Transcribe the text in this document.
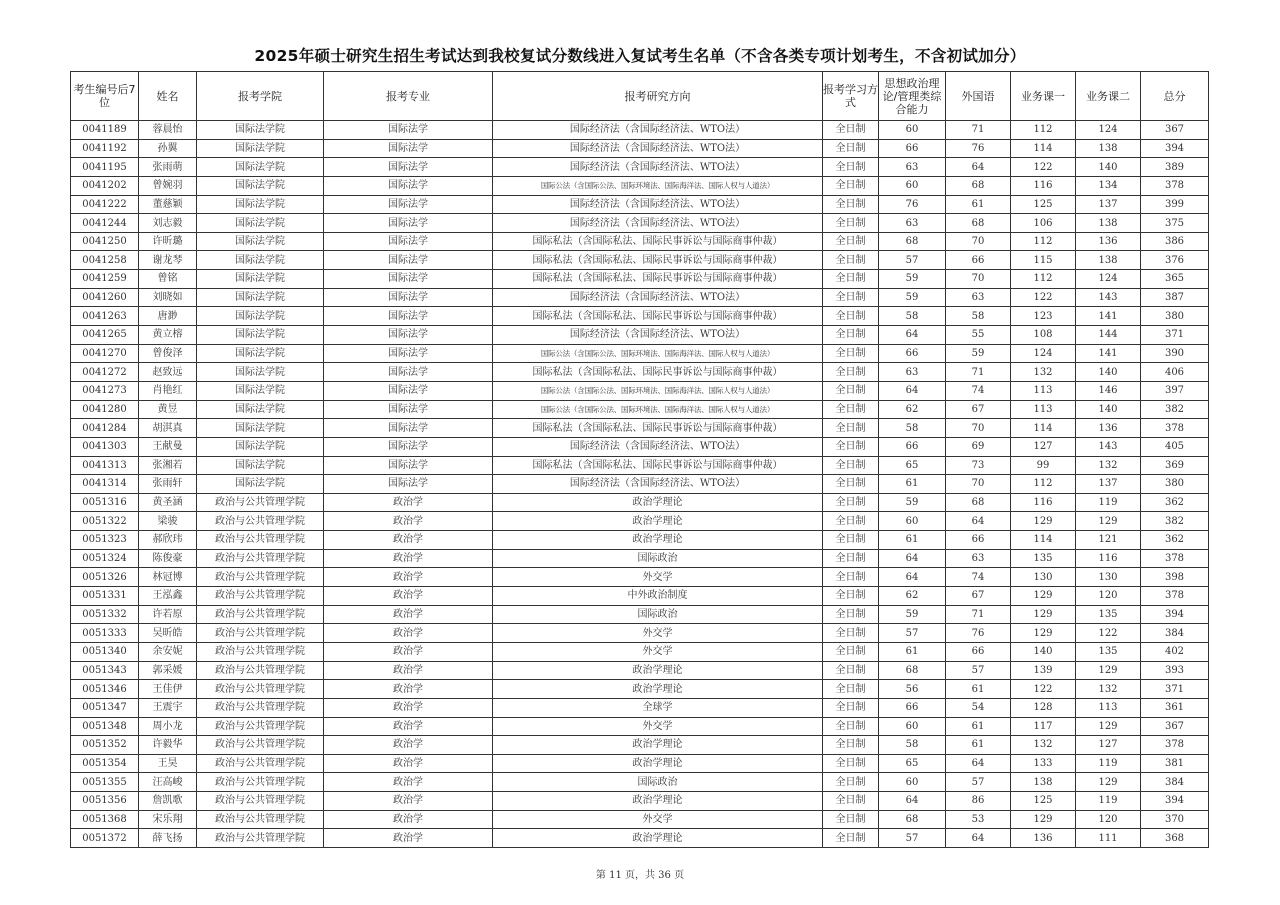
2025年硕士研究生招生考试达到我校复试分数线进入复试考生名单（不含各类专项计划考生，不含初试加分）
考生编号后7位	姓名	报考学院	报考专业	报考研究方向	报考学习方式	思想政治理论/管理类综合能力	外国语	业务课一	业务课二	总分
0041189	蓉晨怡	国际法学院	国际法学	国际经济法（含国际经济法、WTO法）	全日制	60	71	112	124	367
0041192	孙翼	国际法学院	国际法学	国际经济法（含国际经济法、WTO法）	全日制	66	76	114	138	394
0041195	张雨萌	国际法学院	国际法学	国际经济法（含国际经济法、WTO法）	全日制	63	64	122	140	389
0041202	曾婉羽	国际法学院	国际法学	国际公法（含国际公法、国际环境法、国际海洋法、国际人权与人道法）	全日制	60	68	116	134	378
0041222	董慈颖	国际法学院	国际法学	国际经济法（含国际经济法、WTO法）	全日制	76	61	125	137	399
0041244	刘志毅	国际法学院	国际法学	国际经济法（含国际经济法、WTO法）	全日制	63	68	106	138	375
0041250	许昕璐	国际法学院	国际法学	国际私法（含国际私法、国际民事诉讼与国际商事仲裁）	全日制	68	70	112	136	386
0041258	谢龙琴	国际法学院	国际法学	国际私法（含国际私法、国际民事诉讼与国际商事仲裁）	全日制	57	66	115	138	376
0041259	曾铭	国际法学院	国际法学	国际私法（含国际私法、国际民事诉讼与国际商事仲裁）	全日制	59	70	112	124	365
0041260	刘晓如	国际法学院	国际法学	国际经济法（含国际经济法、WTO法）	全日制	59	63	122	143	387
0041263	唐渺	国际法学院	国际法学	国际私法（含国际私法、国际民事诉讼与国际商事仲裁）	全日制	58	58	123	141	380
0041265	黄立榕	国际法学院	国际法学	国际经济法（含国际经济法、WTO法）	全日制	64	55	108	144	371
0041270	曾俊泽	国际法学院	国际法学	国际公法（含国际公法、国际环境法、国际海洋法、国际人权与人道法）	全日制	66	59	124	141	390
0041272	赵致远	国际法学院	国际法学	国际私法（含国际私法、国际民事诉讼与国际商事仲裁）	全日制	63	71	132	140	406
0041273	肖艳红	国际法学院	国际法学	国际公法（含国际公法、国际环境法、国际海洋法、国际人权与人道法）	全日制	64	74	113	146	397
0041280	黄昱	国际法学院	国际法学	国际公法（含国际公法、国际环境法、国际海洋法、国际人权与人道法）	全日制	62	67	113	140	382
0041284	胡淇真	国际法学院	国际法学	国际私法（含国际私法、国际民事诉讼与国际商事仲裁）	全日制	58	70	114	136	378
0041303	王献曼	国际法学院	国际法学	国际经济法（含国际经济法、WTO法）	全日制	66	69	127	143	405
0041313	张湘若	国际法学院	国际法学	国际私法（含国际私法、国际民事诉讼与国际商事仲裁）	全日制	65	73	99	132	369
0041314	张雨轩	国际法学院	国际法学	国际经济法（含国际经济法、WTO法）	全日制	61	70	112	137	380
0051316	黄圣涵	政治与公共管理学院	政治学	政治学理论	全日制	59	68	116	119	362
0051322	梁骏	政治与公共管理学院	政治学	政治学理论	全日制	60	64	129	129	382
0051323	郝欣玮	政治与公共管理学院	政治学	政治学理论	全日制	61	66	114	121	362
0051324	陈俊豪	政治与公共管理学院	政治学	国际政治	全日制	64	63	135	116	378
0051326	林冠博	政治与公共管理学院	政治学	外交学	全日制	64	74	130	130	398
0051331	王泓鑫	政治与公共管理学院	政治学	中外政治制度	全日制	62	67	129	120	378
0051332	许若原	政治与公共管理学院	政治学	国际政治	全日制	59	71	129	135	394
0051333	吴昕皓	政治与公共管理学院	政治学	外交学	全日制	57	76	129	122	384
0051340	余安妮	政治与公共管理学院	政治学	外交学	全日制	61	66	140	135	402
0051343	郭采媛	政治与公共管理学院	政治学	政治学理论	全日制	68	57	139	129	393
0051346	王佳伊	政治与公共管理学院	政治学	政治学理论	全日制	56	61	122	132	371
0051347	王震宇	政治与公共管理学院	政治学	全球学	全日制	66	54	128	113	361
0051348	周小龙	政治与公共管理学院	政治学	外交学	全日制	60	61	117	129	367
0051352	许毅华	政治与公共管理学院	政治学	政治学理论	全日制	58	61	132	127	378
0051354	王昊	政治与公共管理学院	政治学	政治学理论	全日制	65	64	133	119	381
0051355	汪高峻	政治与公共管理学院	政治学	国际政治	全日制	60	57	138	129	384
0051356	詹凯歌	政治与公共管理学院	政治学	政治学理论	全日制	64	86	125	119	394
0051368	宋乐翔	政治与公共管理学院	政治学	外交学	全日制	68	53	129	120	370
0051372	薛飞扬	政治与公共管理学院	政治学	政治学理论	全日制	57	64	136	111	368
第 11 页，共 36 页
